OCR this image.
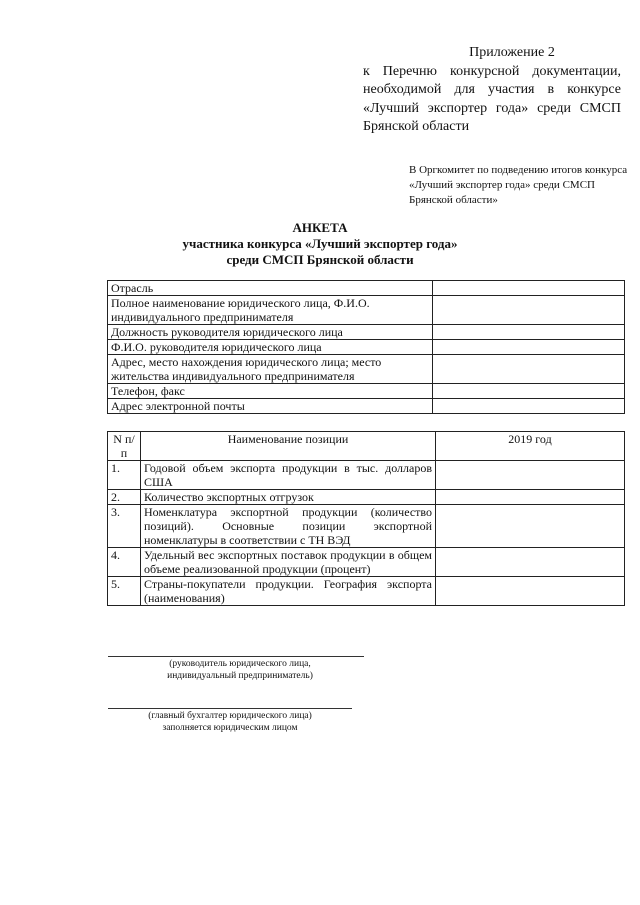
Приложение 2
к Перечню конкурсной документации, необходимой для участия в конкурсе «Лучший экспортер года» среди СМСП Брянской области
В Оргкомитет по подведению итогов конкурса «Лучший экспортер года» среди СМСП Брянской области»
АНКЕТА
участника конкурса «Лучший экспортер года»
среди СМСП Брянской области
Отрасль	
Полное наименование юридического лица, Ф.И.О. индивидуального предпринимателя	
Должность руководителя юридического лица	
Ф.И.О. руководителя юридического лица	
Адрес, место нахождения юридического лица; место жительства индивидуального предпринимателя	
Телефон, факс	
Адрес электронной почты	
N п/п	Наименование позиции	2019 год
1.	Годовой объем экспорта продукции в тыс. долларов США	
2.	Количество экспортных отгрузок	
3.	Номенклатура экспортной продукции (количество позиций). Основные позиции экспортной номенклатуры в соответствии с ТН ВЭД	
4.	Удельный вес экспортных поставок продукции в общем объеме реализованной продукции (процент)	
5.	Страны-покупатели продукции. География экспорта (наименования)	
(руководитель юридического лица, индивидуальный предприниматель)
(главный бухгалтер юридического лица)
заполняется юридическим лицом
